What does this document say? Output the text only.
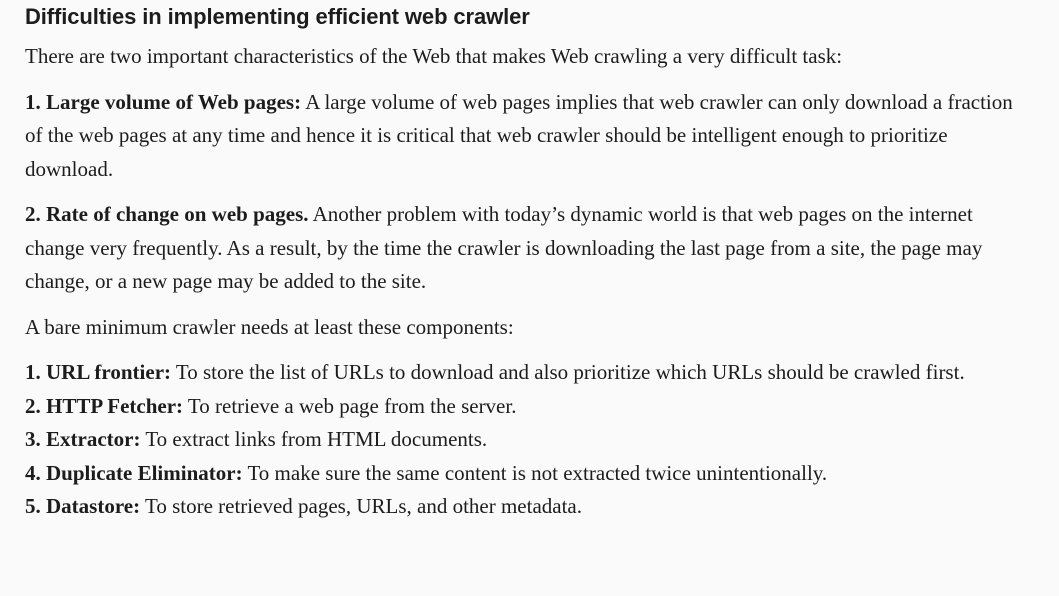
Difficulties in implementing efficient web crawler

There are two important characteristics of the Web that makes Web crawling a very difficult task:

1. Large volume of Web pages: A large volume of web pages implies that web crawler can only download a fraction of the web pages at any time and hence it is critical that web crawler should be intelligent enough to prioritize download.

2. Rate of change on web pages. Another problem with today’s dynamic world is that web pages on the internet change very frequently. As a result, by the time the crawler is downloading the last page from a site, the page may change, or a new page may be added to the site.

A bare minimum crawler needs at least these components:

1. URL frontier: To store the list of URLs to download and also prioritize which URLs should be crawled first.
2. HTTP Fetcher: To retrieve a web page from the server.
3. Extractor: To extract links from HTML documents.
4. Duplicate Eliminator: To make sure the same content is not extracted twice unintentionally.
5. Datastore: To store retrieved pages, URLs, and other metadata.
